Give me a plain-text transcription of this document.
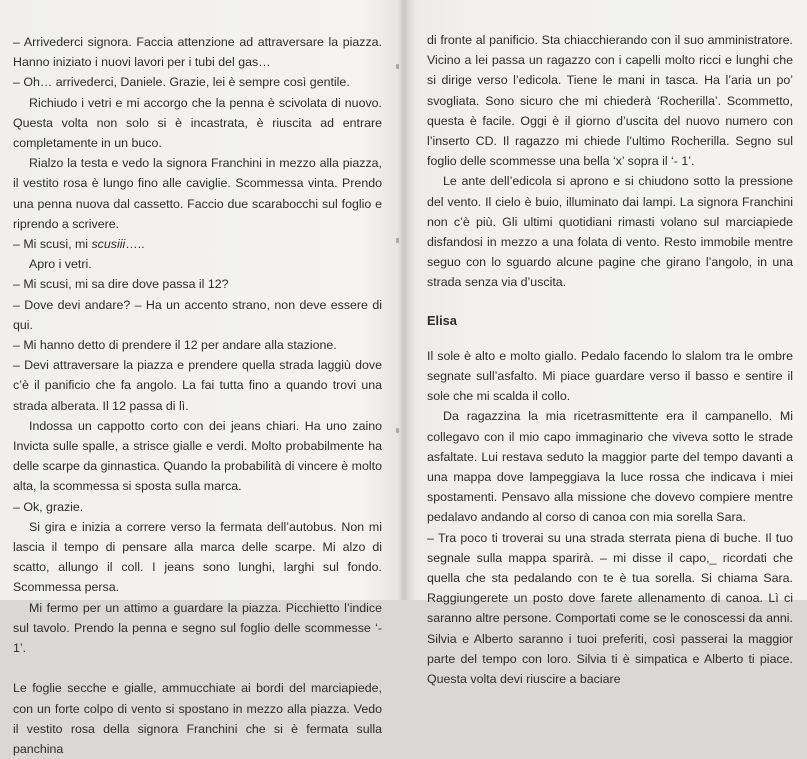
– Arrivederci signora. Faccia attenzione ad attraversare la piazza. Hanno iniziato i nuovi lavori per i tubi del gas…

– Oh… arrivederci, Daniele. Grazie, lei è sempre così gentile.

Richiudo i vetri e mi accorgo che la penna è scivolata di nuovo. Questa volta non solo si è incastrata, è riuscita ad entrare completamente in un buco.

Rialzo la testa e vedo la signora Franchini in mezzo alla piazza, il vestito rosa è lungo fino alle caviglie. Scommessa vinta. Prendo una penna nuova dal cassetto. Faccio due scarabocchi sul foglio e riprendo a scrivere.

– Mi scusi, mi scusiii…..

Apro i vetri.

– Mi scusi, mi sa dire dove passa il 12?

– Dove devi andare? – Ha un accento strano, non deve essere di qui.

– Mi hanno detto di prendere il 12 per andare alla stazione.

– Devi attraversare la piazza e prendere quella strada laggiù dove c’è il panificio che fa angolo. La fai tutta fino a quando trovi una strada alberata. Il 12 passa di lì.

Indossa un cappotto corto con dei jeans chiari. Ha uno zaino Invicta sulle spalle, a strisce gialle e verdi. Molto probabilmente ha delle scarpe da ginnastica. Quando la probabilità di vincere è molto alta, la scommessa si sposta sulla marca.

– Ok, grazie.

Si gira e inizia a correre verso la fermata dell’autobus. Non mi lascia il tempo di pensare alla marca delle scarpe. Mi alzo di scatto, allungo il coll. I jeans sono lunghi, larghi sul fondo. Scommessa persa.

Mi fermo per un attimo a guardare la piazza. Picchietto l’indice sul tavolo. Prendo la penna e segno sul foglio delle scommesse ‘- 1’.

Le foglie secche e gialle, ammucchiate ai bordi del marciapiede, con un forte colpo di vento si spostano in mezzo alla piazza. Vedo il vestito rosa della signora Franchini che si è fermata sulla panchina

di fronte al panificio. Sta chiacchierando con il suo amministratore. Vicino a lei passa un ragazzo con i capelli molto ricci e lunghi che si dirige verso l’edicola. Tiene le mani in tasca. Ha l’aria un po’ svogliata. Sono sicuro che mi chiederà ‘Rocherilla’. Scommetto, questa è facile. Oggi è il giorno d’uscita del nuovo numero con l’inserto CD. Il ragazzo mi chiede l’ultimo Rocherilla. Segno sul foglio delle scommesse una bella ‘x’ sopra il ‘- 1’.

Le ante dell’edicola si aprono e si chiudono sotto la pressione del vento. Il cielo è buio, illuminato dai lampi. La signora Franchini non c’è più. Gli ultimi quotidiani rimasti volano sul marciapiede disfandosi in mezzo a una folata di vento. Resto immobile mentre seguo con lo sguardo alcune pagine che girano l’angolo, in una strada senza via d’uscita.

Elisa

Il sole è alto e molto giallo. Pedalo facendo lo slalom tra le ombre segnate sull’asfalto. Mi piace guardare verso il basso e sentire il sole che mi scalda il collo.

Da ragazzina la mia ricetrasmittente era il campanello. Mi collegavo con il mio capo immaginario che viveva sotto le strade asfaltate. Lui restava seduto la maggior parte del tempo davanti a una mappa dove lampeggiava la luce rossa che indicava i miei spostamenti. Pensavo alla missione che dovevo compiere mentre pedalavo andando al corso di canoa con mia sorella Sara.

– Tra poco ti troverai su una strada sterrata piena di buche. Il tuo segnale sulla mappa sparirà. – mi disse il capo,_ ricordati che quella che sta pedalando con te è tua sorella. Si chiama Sara. Raggiungerete un posto dove farete allenamento di canoa. Lì ci saranno altre persone. Comportati come se le conoscessi da anni. Silvia e Alberto saranno i tuoi preferiti, così passerai la maggior parte del tempo con loro. Silvia ti è simpatica e Alberto ti piace. Questa volta devi riuscire a baciare
